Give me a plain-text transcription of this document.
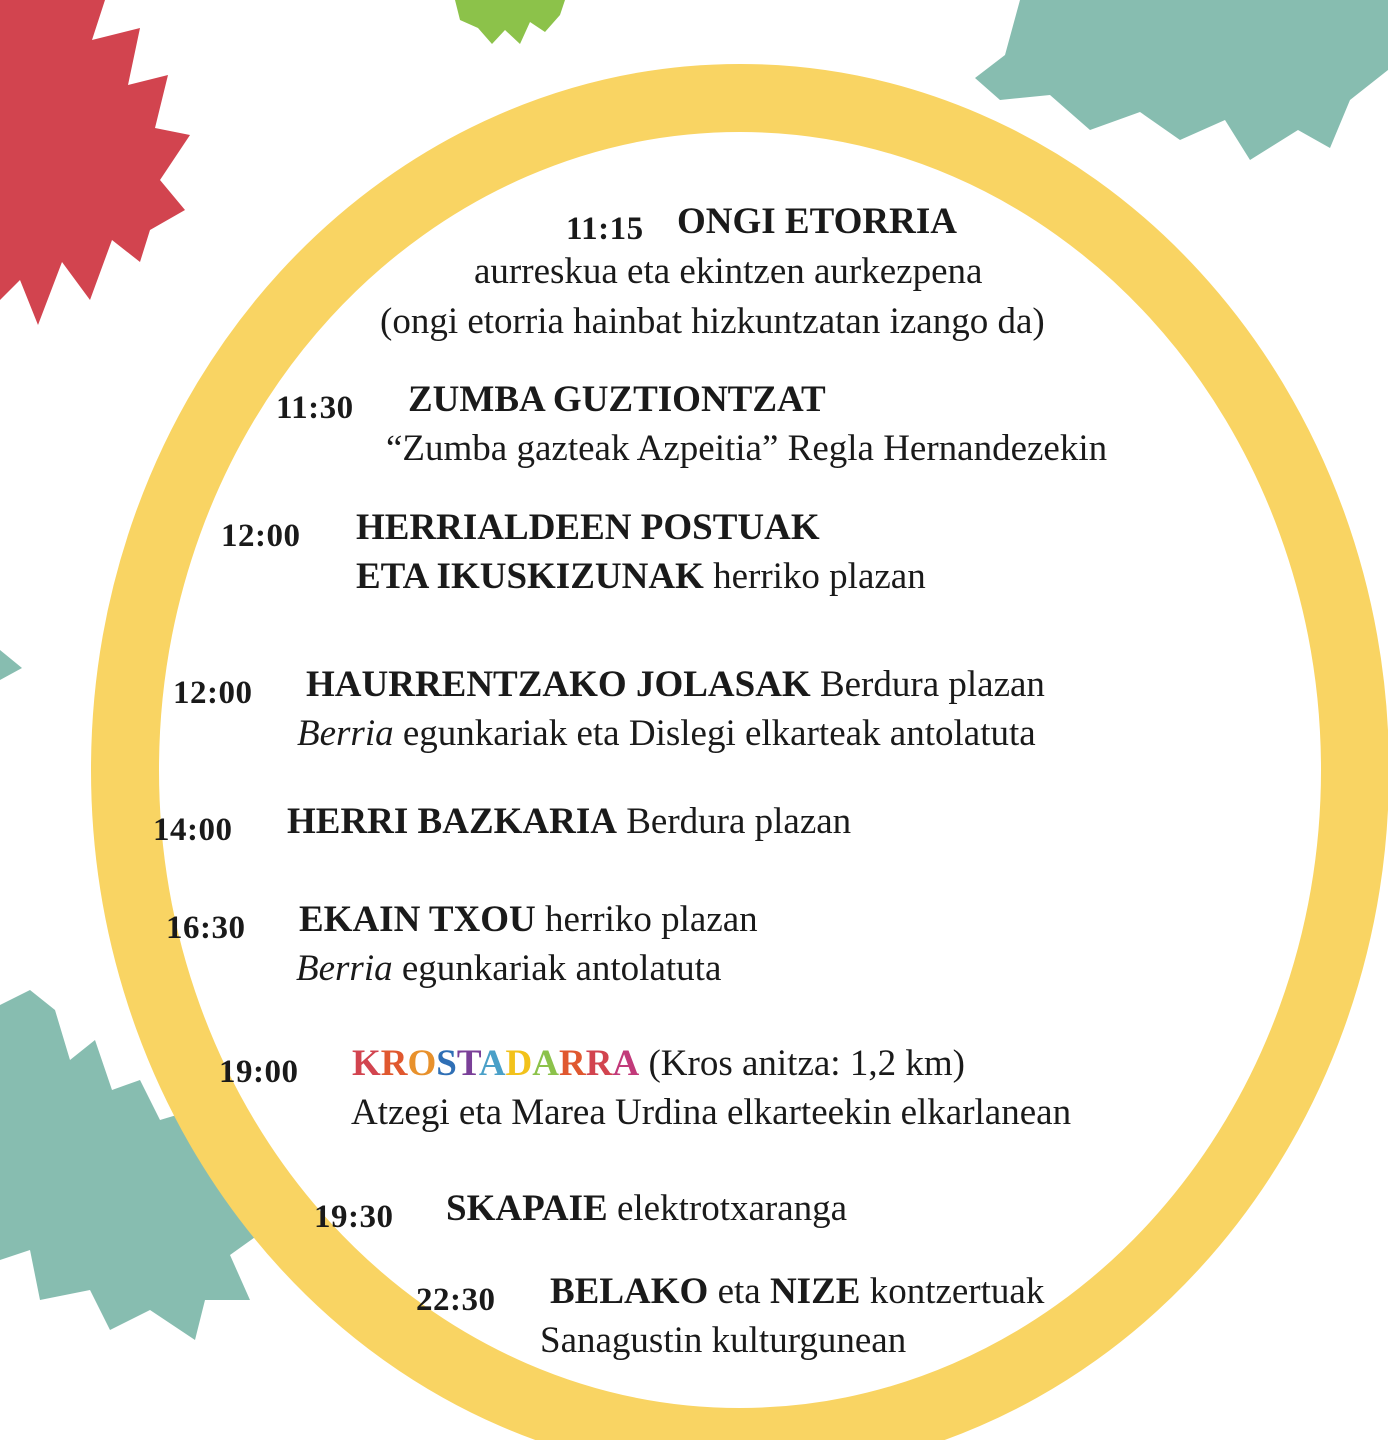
11:15 ONGI ETORRIA
aurreskua eta ekintzen aurkezpena
(ongi etorria hainbat hizkuntzatan izango da)
11:30 ZUMBA GUZTIONTZAT
“Zumba gazteak Azpeitia” Regla Hernandezekin
12:00 HERRIALDEEN POSTUAK
ETA IKUSKIZUNAK herriko plazan
12:00 HAURRENTZAKO JOLASAK Berdura plazan
Berria egunkariak eta Dislegi elkarteak antolatuta
14:00 HERRI BAZKARIA Berdura plazan
16:30 EKAIN TXOU herriko plazan
Berria egunkariak antolatuta
19:00 KROSTADARRA (Kros anitza: 1,2 km)
Atzegi eta Marea Urdina elkarteekin elkarlanean
19:30 SKAPAIE elektrotxaranga
22:30 BELAKO eta NIZE kontzertuak
Sanagustin kulturgunean
